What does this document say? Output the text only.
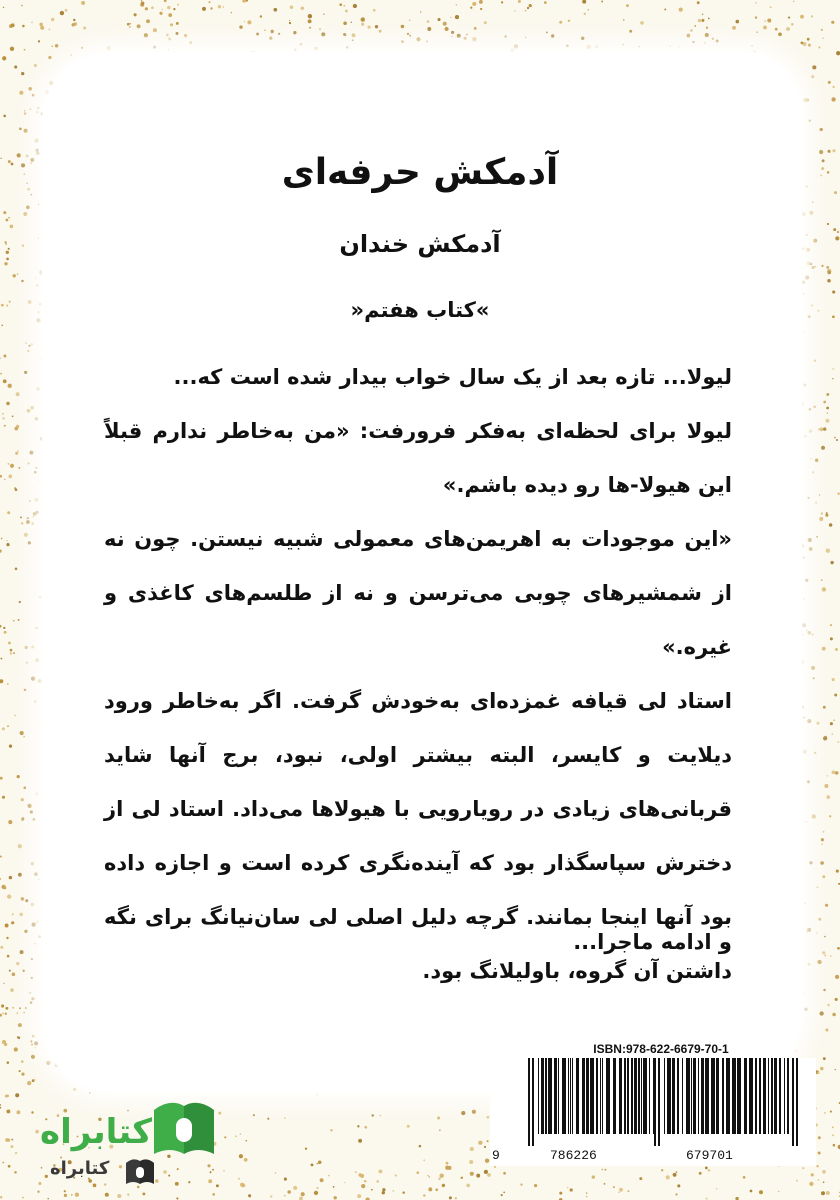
آدمکش حرفه‌ای
آدمکش خندان
»کتاب هفتم«

لیولا... تازه بعد از یک سال خواب بیدار شده است که...

لیولا برای لحظه‌ای به‌فکر فرورفت: «من به‌خاطر ندارم قبلاً این هیولا-ها رو دیده باشم.»

«این موجودات به اهریمن‌های معمولی شبیه نیستن. چون نه از شمشیرهای چوبی می‌ترسن و نه از طلسم‌های کاغذی و غیره.»

استاد لی قیافه غمزده‌ای به‌خودش گرفت. اگر به‌خاطر ورود دیلایت و کایسر، البته بیشتر اولی، نبود، برج آنها شاید قربانی‌های زیادی در رویارویی با هیولاها می‌داد. استاد لی از دخترش سپاسگذار بود که آینده‌نگری کرده است و اجازه داده بود آنها اینجا بمانند. گرچه دلیل اصلی لی سان‌نیانگ برای نگه داشتن آن گروه، باولیلانگ بود.

و ادامه ماجرا...
ISBN:978-622-6679-70-1
9	786226	679701
کتابراه
کتابراه
